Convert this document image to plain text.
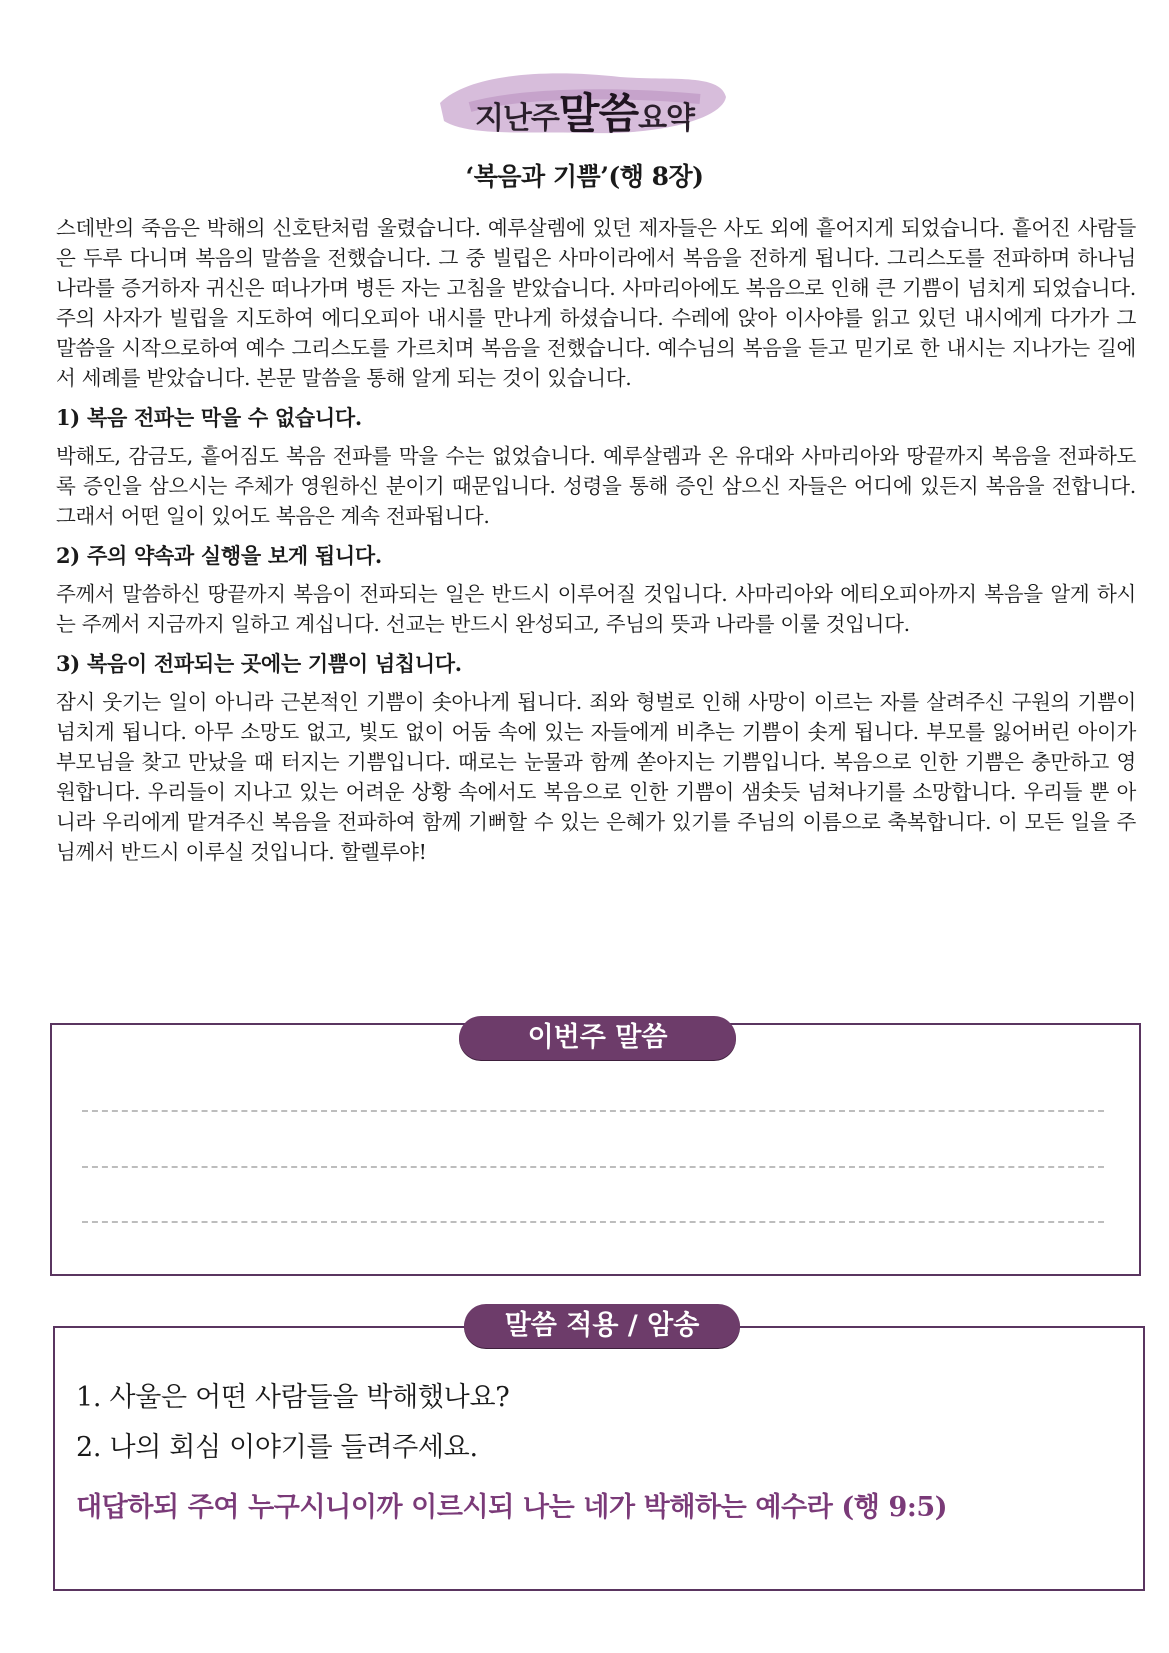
지난주말씀요약
‘복음과 기쁨’(행 8장)

스데반의 죽음은 박해의 신호탄처럼 울렸습니다. 예루살렘에 있던 제자들은 사도 외에 흩어지게 되었습니다. 흩어진 사람들은 두루 다니며 복음의 말씀을 전했습니다. 그 중 빌립은 사마이라에서 복음을 전하게 됩니다. 그리스도를 전파하며 하나님 나라를 증거하자 귀신은 떠나가며 병든 자는 고침을 받았습니다. 사마리아에도 복음으로 인해 큰 기쁨이 넘치게 되었습니다. 주의 사자가 빌립을 지도하여 에디오피아 내시를 만나게 하셨습니다. 수레에 앉아 이사야를 읽고 있던 내시에게 다가가 그 말씀을 시작으로하여 예수 그리스도를 가르치며 복음을 전했습니다. 예수님의 복음을 듣고 믿기로 한 내시는 지나가는 길에서 세례를 받았습니다. 본문 말씀을 통해 알게 되는 것이 있습니다.

1) 복음 전파는 막을 수 없습니다.

박해도, 감금도, 흩어짐도 복음 전파를 막을 수는 없었습니다. 예루살렘과 온 유대와 사마리아와 땅끝까지 복음을 전파하도록 증인을 삼으시는 주체가 영원하신 분이기 때문입니다. 성령을 통해 증인 삼으신 자들은 어디에 있든지 복음을 전합니다. 그래서 어떤 일이 있어도 복음은 계속 전파됩니다.

2) 주의 약속과 실행을 보게 됩니다.

주께서 말씀하신 땅끝까지 복음이 전파되는 일은 반드시 이루어질 것입니다. 사마리아와 에티오피아까지 복음을 알게 하시는 주께서 지금까지 일하고 계십니다. 선교는 반드시 완성되고, 주님의 뜻과 나라를 이룰 것입니다.

3) 복음이 전파되는 곳에는 기쁨이 넘칩니다.

잠시 웃기는 일이 아니라 근본적인 기쁨이 솟아나게 됩니다. 죄와 형벌로 인해 사망이 이르는 자를 살려주신 구원의 기쁨이 넘치게 됩니다. 아무 소망도 없고, 빛도 없이 어둠 속에 있는 자들에게 비추는 기쁨이 솟게 됩니다. 부모를 잃어버린 아이가 부모님을 찾고 만났을 때 터지는 기쁨입니다. 때로는 눈물과 함께 쏟아지는 기쁨입니다. 복음으로 인한 기쁨은 충만하고 영원합니다. 우리들이 지나고 있는 어려운 상황 속에서도 복음으로 인한 기쁨이 샘솟듯 넘쳐나기를 소망합니다. 우리들 뿐 아니라 우리에게 맡겨주신 복음을 전파하여 함께 기뻐할 수 있는 은혜가 있기를 주님의 이름으로 축복합니다. 이 모든 일을 주님께서 반드시 이루실 것입니다. 할렐루야!

이번주 말씀
말씀 적용 / 암송
1. 사울은 어떤 사람들을 박해했나요?
2. 나의 회심 이야기를 들려주세요.
대답하되 주여 누구시니이까 이르시되 나는 네가 박해하는 예수라 (행 9:5)
